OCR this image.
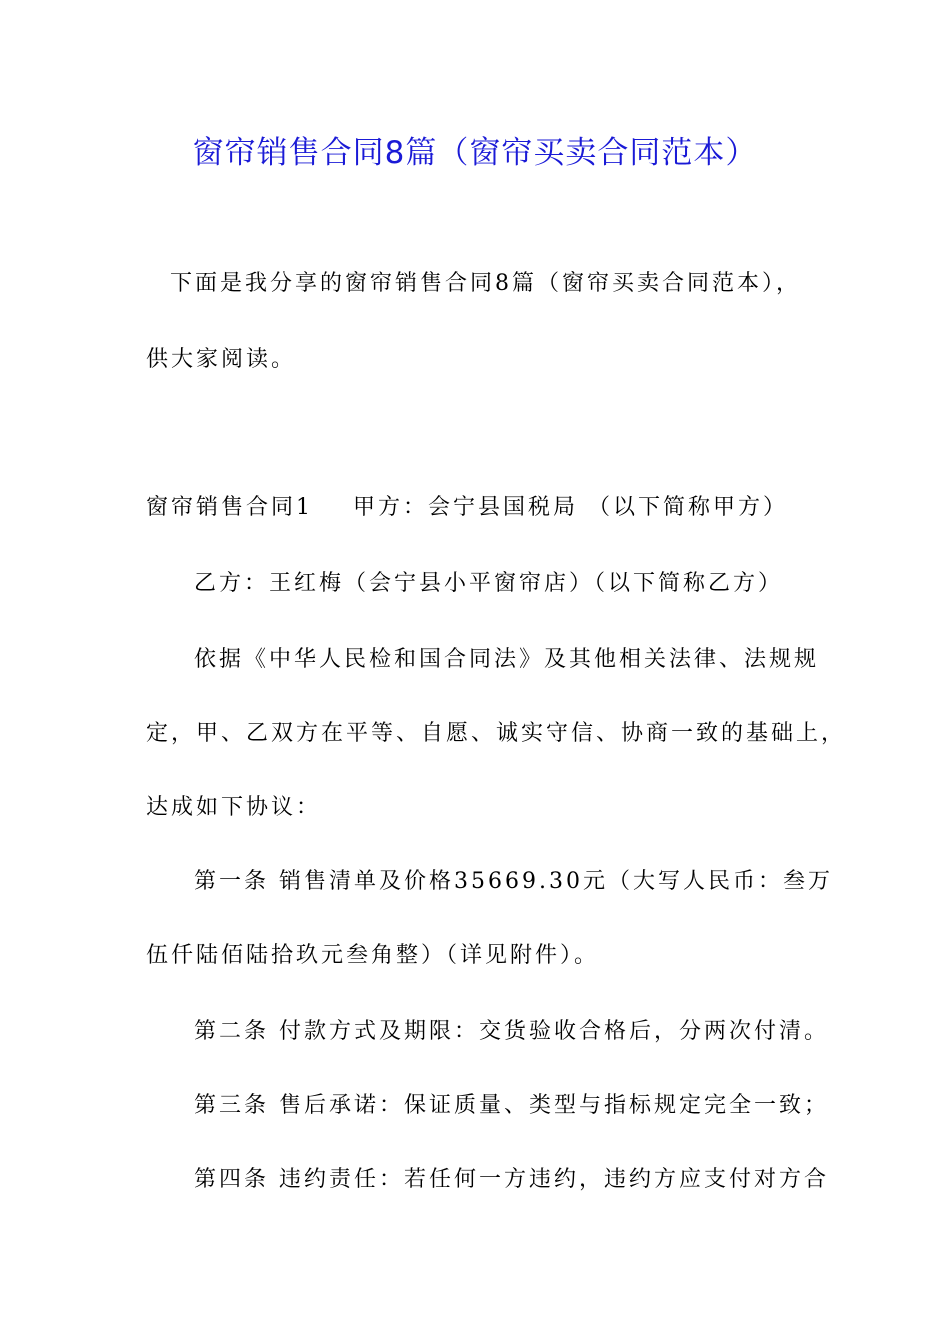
窗帘销售合同8篇（窗帘买卖合同范本）
下面是我分享的窗帘销售合同8篇（窗帘买卖合同范本），
供大家阅读。
窗帘销售合同1 甲方：会宁县国税局 （以下简称甲方）
乙方：王红梅（会宁县小平窗帘店）（以下简称乙方）
依据《中华人民检和国合同法》及其他相关法律、法规规
定，甲、乙双方在平等、自愿、诚实守信、协商一致的基础上，
达成如下协议：
第一条 销售清单及价格35669.30元（大写人民币：叁万
伍仟陆佰陆拾玖元叁角整）（详见附件）。
第二条 付款方式及期限：交货验收合格后，分两次付清。
第三条 售后承诺：保证质量、类型与指标规定完全一致；
第四条 违约责任：若任何一方违约，违约方应支付对方合
